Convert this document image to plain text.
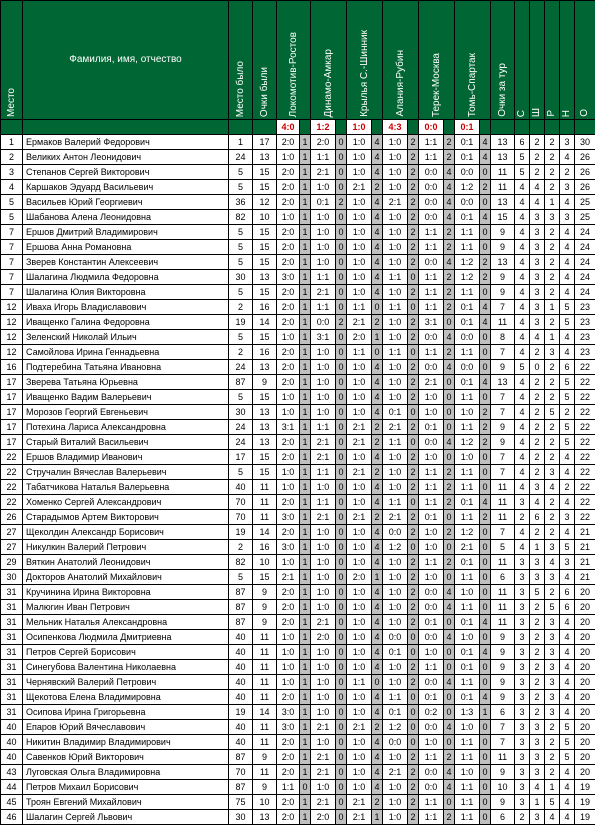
Место	Фамилия, имя, отчество	Место было	Очки были	Локомотив-Ростов		Динамо-Амкар		Крылья С.-Шинник		Алания-Рубин		Терек-Москва		Томь-Спартак		Очки за тур	С	Ш	Р	Н	О

				4:0		1:2		1:0		4:3		0:0		0:1							
1	Ермаков Валерий Федорович	1	17	2:0	1	2:0	0	1:0	4	1:0	2	1:1	2	0:1	4	13	6	2	2	3	30
2	Великих Антон Леонидович	24	13	1:0	1	1:1	0	1:0	4	1:0	2	1:1	2	0:1	4	13	5	2	2	4	26
3	Степанов Сергей Викторович	5	15	2:0	1	2:1	0	1:0	4	1:0	2	0:0	4	0:0	0	11	5	2	2	2	26
4	Каршаков Эдуард Васильевич	5	15	2:0	1	1:0	0	2:1	2	1:0	2	0:0	4	1:2	2	11	4	4	2	3	26
5	Васильев Юрий Георгиевич	36	12	2:0	1	0:1	2	1:0	4	2:1	2	0:0	4	0:0	0	13	4	4	1	4	25
5	Шабанова Алена Леонидовна	82	10	1:0	1	1:0	0	1:0	4	1:0	2	0:0	4	0:1	4	15	4	3	3	3	25
7	Ершов Дмитрий Владимирович	5	15	2:0	1	1:0	0	1:0	4	1:0	2	1:1	2	1:1	0	9	4	3	2	4	24
7	Ершова Анна Романовна	5	15	2:0	1	1:0	0	1:0	4	1:0	2	1:1	2	1:1	0	9	4	3	2	4	24
7	Зверев Константин Алексеевич	5	15	2:0	1	1:0	0	1:0	4	1:0	2	0:0	4	1:2	2	13	4	3	2	4	24
7	Шалагина Людмила Федоровна	30	13	3:0	1	1:1	0	1:0	4	1:1	0	1:1	2	1:2	2	9	4	3	2	4	24
7	Шалагина Юлия Викторовна	5	15	2:0	1	2:1	0	1:0	4	1:0	2	1:1	2	1:1	0	9	4	3	2	4	24
12	Иваха Игорь Владиславович	2	16	2:0	1	1:1	0	1:1	0	1:1	0	1:1	2	0:1	4	7	4	3	1	5	23
12	Иващенко Галина Федоровна	19	14	2:0	1	0:0	2	2:1	2	1:0	2	3:1	0	0:1	4	11	4	3	2	5	23
12	Зеленский Николай Ильич	5	15	1:0	1	3:1	0	2:0	1	1:0	2	0:0	4	0:0	0	8	4	4	1	4	23
12	Самойлова Ирина Геннадьевна	2	16	2:0	1	1:0	0	1:1	0	1:1	0	1:1	2	1:1	0	7	4	2	3	4	23
16	Подтеребина Татьяна Ивановна	24	13	2:0	1	1:0	0	1:0	4	1:0	2	0:0	4	0:0	0	9	5	0	2	6	22
17	Зверева Татьяна Юрьевна	87	9	2:0	1	1:0	0	1:0	4	1:0	2	2:1	0	0:1	4	13	4	2	2	5	22
17	Иващенко Вадим Валерьевич	5	15	1:0	1	1:0	0	1:0	4	1:0	2	1:0	0	1:1	0	7	4	2	2	5	22
17	Морозов Георгий Евгеньевич	30	13	1:0	1	1:0	0	1:0	4	0:1	0	1:0	0	1:0	2	7	4	2	5	2	22
17	Потехина Лариса Александровна	24	13	3:1	1	1:1	0	2:1	2	2:1	2	0:1	0	1:1	2	9	4	2	2	5	22
17	Старый Виталий Васильевич	24	13	2:0	1	2:1	0	2:1	2	1:1	0	0:0	4	1:2	2	9	4	2	2	5	22
22	Ершов Владимир Иванович	17	15	2:0	1	2:1	0	1:0	4	1:0	2	1:0	0	1:0	0	7	4	2	2	4	22
22	Стручалин Вячеслав Валерьевич	5	15	1:0	1	1:1	0	2:1	2	1:0	2	1:1	2	1:1	0	7	4	2	3	4	22
22	Табатчикова Наталья Валерьевна	40	11	1:0	1	1:0	0	1:0	4	1:0	2	1:1	2	1:1	0	11	4	3	4	2	22
22	Хоменко Сергей Александрович	70	11	2:0	1	1:1	0	1:0	4	1:1	0	1:1	2	0:1	4	11	3	4	2	4	22
26	Старадымов Артем Викторович	70	11	3:0	1	2:1	0	2:1	2	2:1	2	0:1	0	1:1	2	11	2	6	2	3	22
27	Щеколдин Александр Борисович	19	14	2:0	1	1:0	0	1:0	4	0:0	2	1:0	2	1:2	0	7	4	2	2	4	21
27	Никулкин Валерий Петрович	2	16	3:0	1	1:0	0	1:0	4	1:2	0	1:0	0	2:1	0	5	4	1	3	5	21
29	Вяткин Анатолий Леонидович	82	10	1:0	1	1:0	0	1:0	4	1:0	2	1:1	2	0:1	0	11	3	3	4	3	21
30	Докторов Анатолий Михайлович	5	15	2:1	1	1:0	0	2:0	1	1:0	2	1:0	0	1:1	0	6	3	3	3	4	21
31	Кручинина Ирина Викторовна	87	9	2:0	1	1:0	0	1:0	4	1:0	2	0:0	4	1:0	0	11	3	5	2	6	20
31	Малюгин Иван Петрович	87	9	2:0	1	1:0	0	1:0	4	1:0	2	0:0	4	1:1	0	11	3	2	5	6	20
31	Мельник Наталья Александровна	87	9	2:0	1	2:1	0	1:0	4	1:0	2	0:1	0	0:1	4	11	3	2	3	4	20
31	Осипенкова Людмила Дмитриевна	40	11	1:0	1	2:0	0	1:0	4	0:0	0	0:0	4	1:0	0	9	3	2	3	4	20
31	Петров Сергей Борисович	40	11	1:0	1	1:0	0	1:0	4	0:1	0	1:0	0	0:1	4	9	3	2	3	4	20
31	Синегубова Валентина Николаевна	40	11	1:0	1	1:0	0	1:0	4	1:0	2	1:1	0	0:1	0	9	3	2	3	4	20
31	Чернявский Валерий Петрович	40	11	1:0	1	1:0	0	1:1	0	1:0	2	0:0	4	1:1	0	9	3	2	3	4	20
31	Щекотова Елена Владимировна	40	11	2:0	1	1:0	0	1:0	4	1:1	0	0:1	0	0:1	4	9	3	2	3	4	20
31	Осипова Ирина Григорьевна	19	14	3:0	1	1:0	0	1:0	4	0:1	0	0:2	0	1:3	1	6	3	2	3	4	20
40	Епаров Юрий Вячеславович	40	11	3:0	1	2:1	0	2:1	2	1:2	0	0:0	4	1:0	0	7	3	3	2	5	20
40	Никитин Владимир Владимирович	40	11	2:0	1	1:0	0	1:0	4	0:0	0	1:0	0	1:1	0	7	3	3	2	5	20
40	Савенков Юрий Викторович	87	9	2:0	1	2:1	0	1:0	4	1:0	2	1:1	2	1:1	0	11	3	3	2	5	20
43	Луговская Ольга Владимировна	70	11	2:0	1	2:1	0	1:0	4	2:1	2	0:0	4	1:0	0	9	3	3	2	4	20
44	Петров Михаил Борисович	87	9	1:1	0	1:0	0	1:0	4	1:0	2	0:0	4	1:1	0	10	3	4	1	4	19
45	Троян Евгений Михайлович	75	10	2:0	1	2:1	0	2:1	2	1:0	2	1:1	0	1:1	0	9	3	1	5	4	19
46	Шалагин Сергей Львович	30	13	2:0	1	2:0	0	2:1	1	1:0	2	1:1	2	1:1	0	6	2	3	4	4	19
